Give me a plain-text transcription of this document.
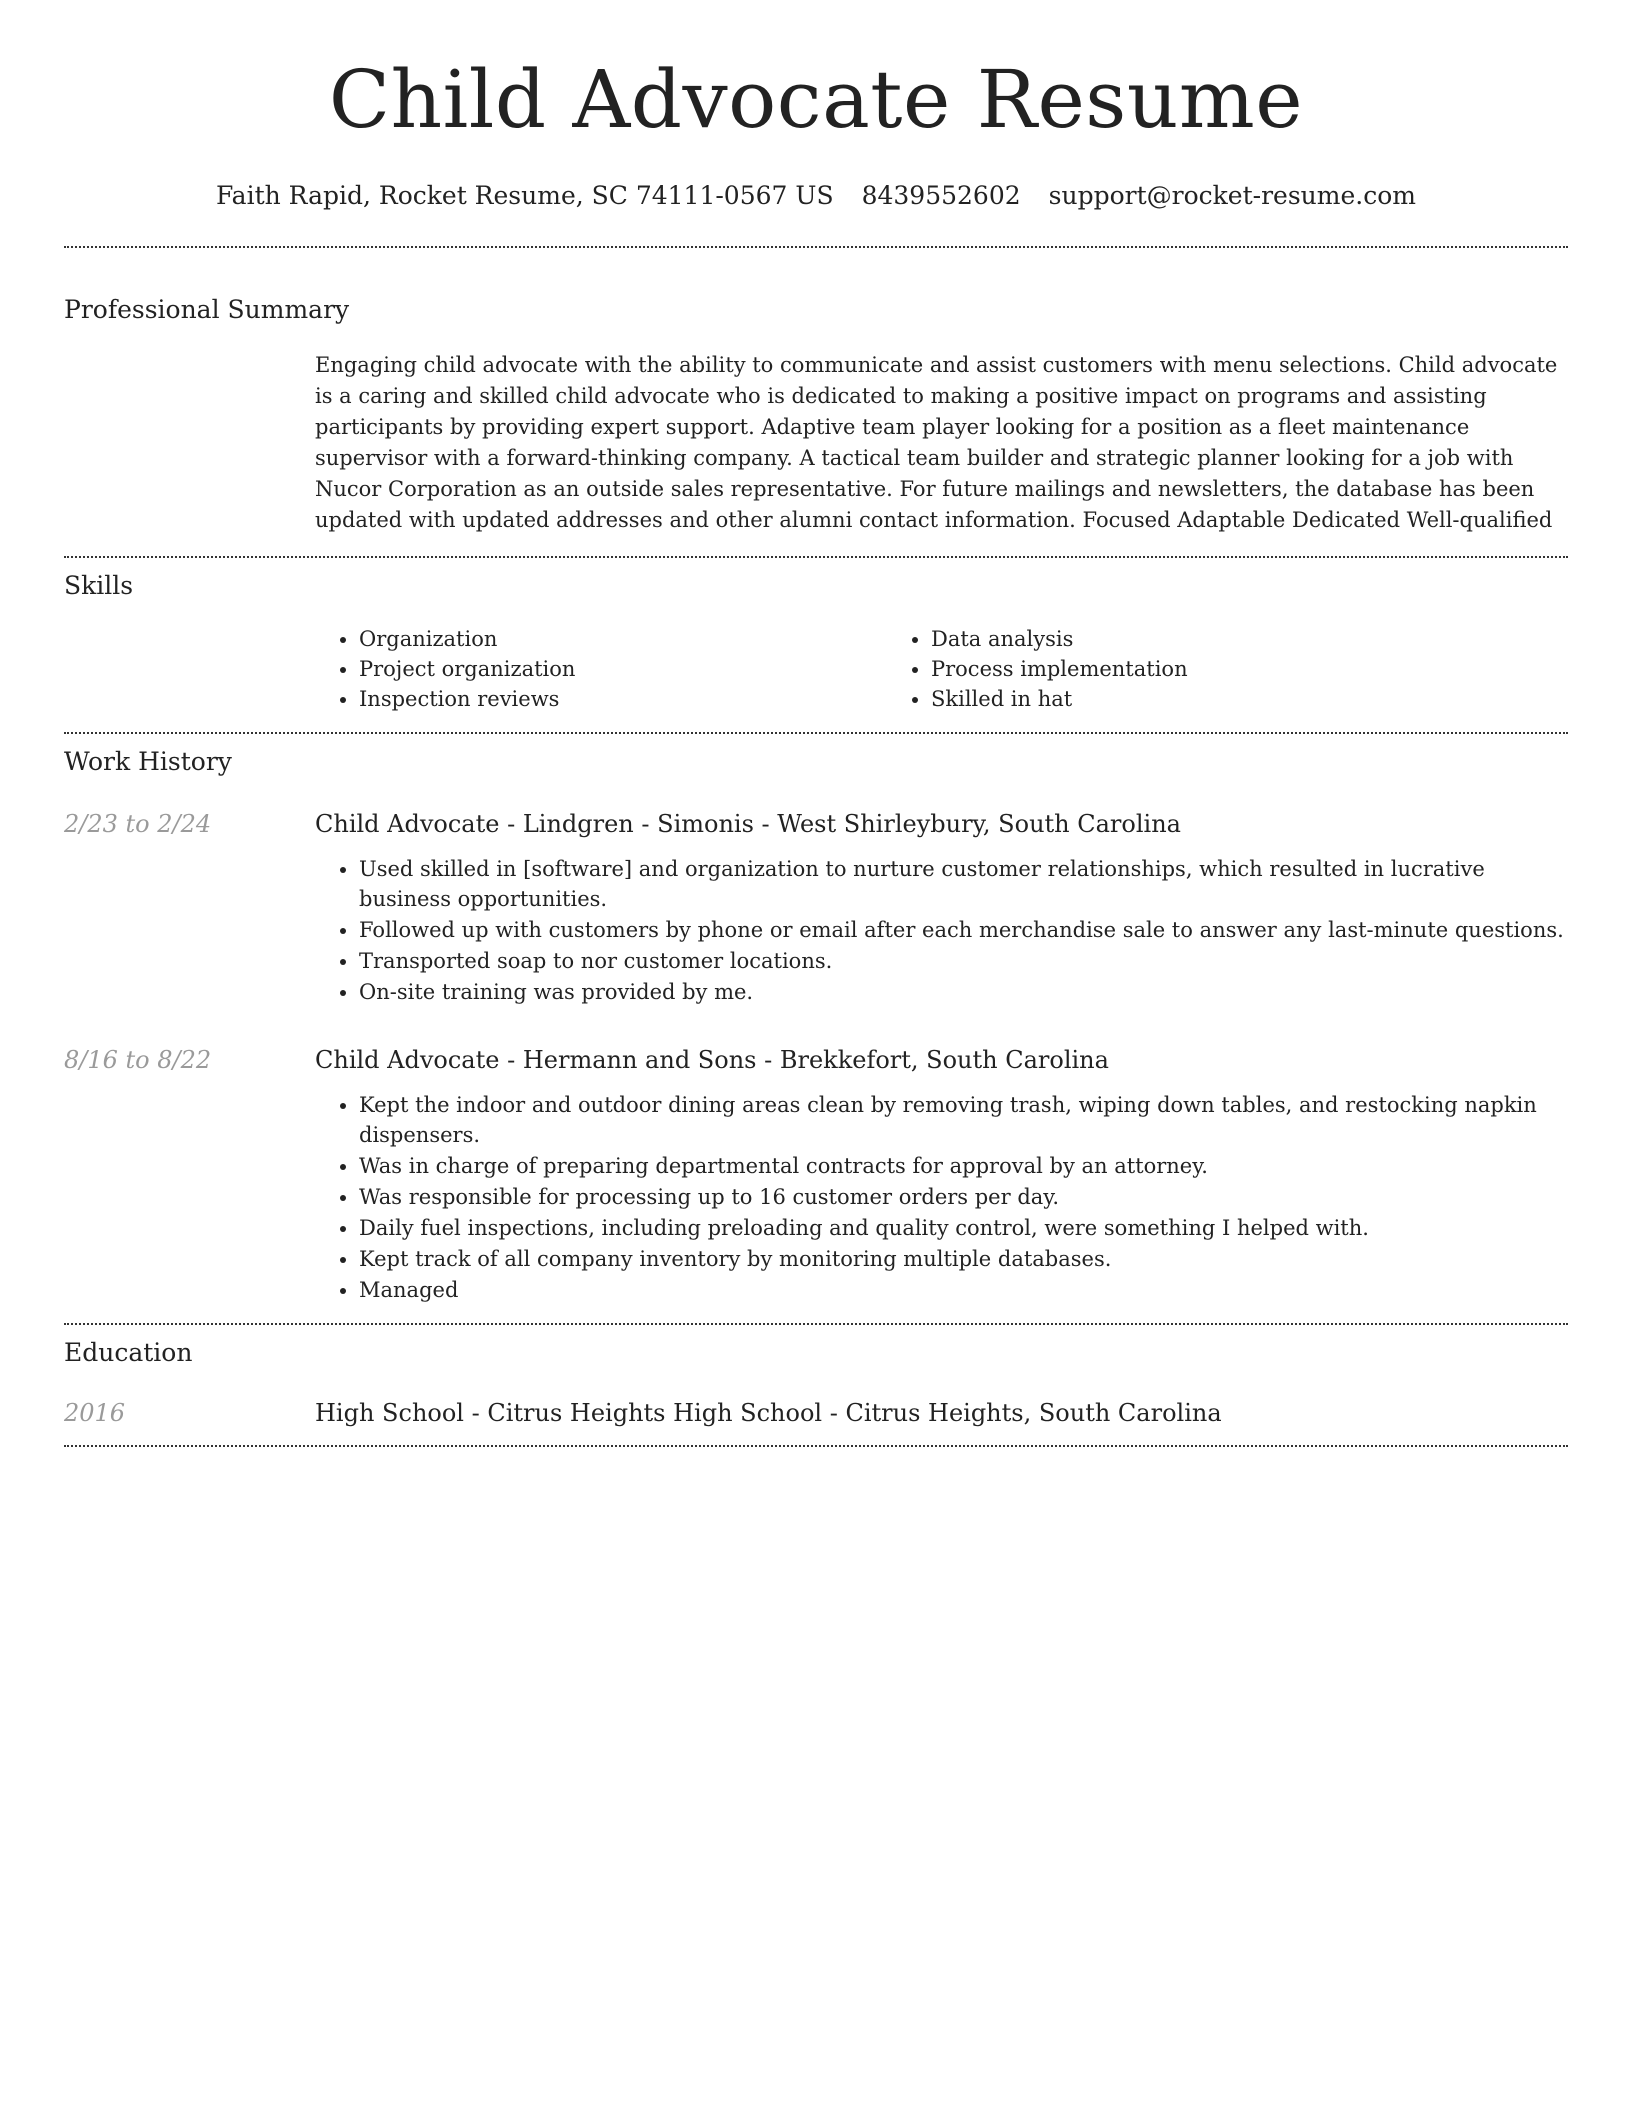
Child Advocate Resume
Faith Rapid, Rocket Resume, SC 74111-0567 US 8439552602 support@rocket-resume.com
Professional Summary

Engaging child advocate with the ability to communicate and assist customers with menu selections. Child advocate is a caring and skilled child advocate who is dedicated to making a positive impact on programs and assisting participants by providing expert support. Adaptive team player looking for a position as a fleet maintenance supervisor with a forward-thinking company. A tactical team builder and strategic planner looking for a job with Nucor Corporation as an outside sales representative. For future mailings and newsletters, the database has been updated with updated addresses and other alumni contact information. Focused Adaptable Dedicated Well-qualified

Skills
• Organization
• Project organization
• Inspection reviews
• Data analysis
• Process implementation
• Skilled in hat
Work History
2/23 to 2/24	Child Advocate - Lindgren - Simonis - West Shirleybury, South Carolina
• Used skilled in [software] and organization to nurture customer relationships, which resulted in lucrative business opportunities.
• Followed up with customers by phone or email after each merchandise sale to answer any last-minute questions.
• Transported soap to nor customer locations.
• On-site training was provided by me.
8/16 to 8/22	Child Advocate - Hermann and Sons - Brekkefort, South Carolina
• Kept the indoor and outdoor dining areas clean by removing trash, wiping down tables, and restocking napkin dispensers.
• Was in charge of preparing departmental contracts for approval by an attorney.
• Was responsible for processing up to 16 customer orders per day.
• Daily fuel inspections, including preloading and quality control, were something I helped with.
• Kept track of all company inventory by monitoring multiple databases.
• Managed
Education
2016	High School - Citrus Heights High School - Citrus Heights, South Carolina
